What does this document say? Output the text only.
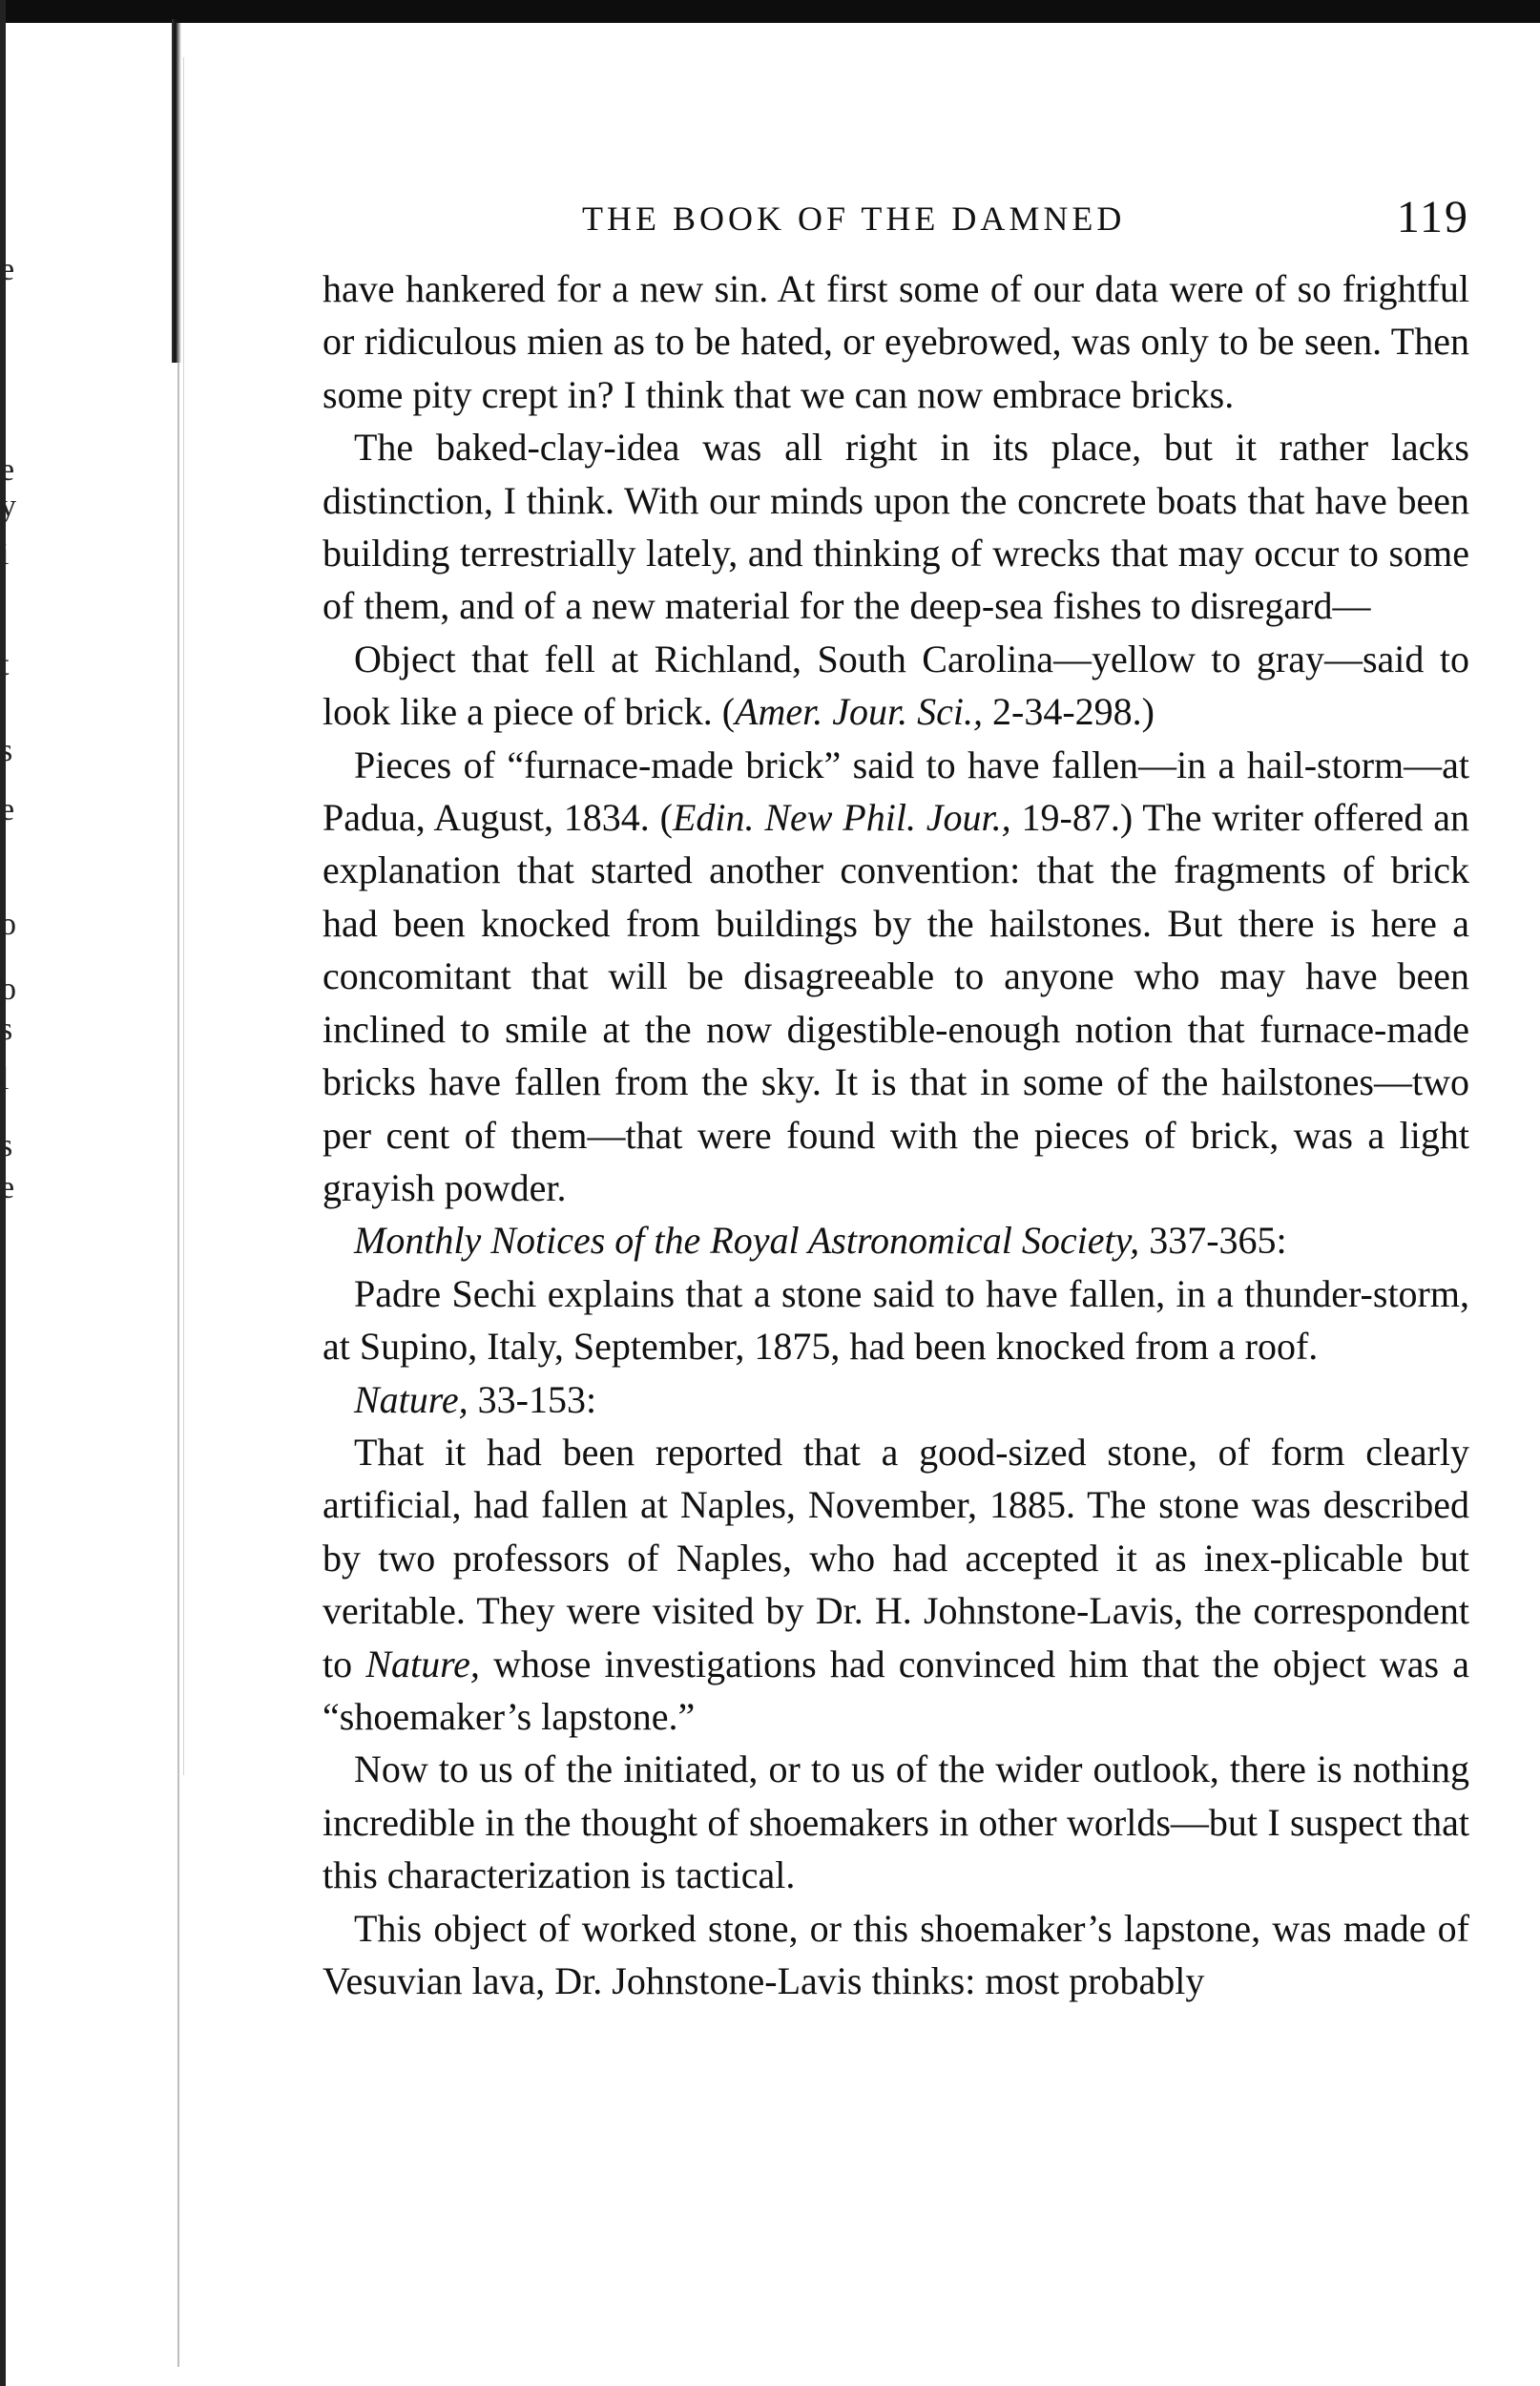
e
e
y
i
t
s
e
o
o
s
l
s
e
THE BOOK OF THE DAMNED	119

have hankered for a new sin. At first some of our data were of so frightful or ridiculous mien as to be hated, or eyebrowed, was only to be seen. Then some pity crept in? I think that we can now embrace bricks.

The baked-clay-idea was all right in its place, but it rather lacks distinction, I think. With our minds upon the concrete boats that have been building terrestrially lately, and thinking of wrecks that may occur to some of them, and of a new material for the deep-sea fishes to disregard—

Object that fell at Richland, South Carolina—yellow to gray—said to look like a piece of brick. (Amer. Jour. Sci., 2-34-298.)

Pieces of “furnace-made brick” said to have fallen—in a hail-storm—at Padua, August, 1834. (Edin. New Phil. Jour., 19-87.) The writer offered an explanation that started another convention: that the fragments of brick had been knocked from buildings by the hailstones. But there is here a concomitant that will be disagreeable to anyone who may have been inclined to smile at the now digestible-enough notion that furnace-made bricks have fallen from the sky. It is that in some of the hailstones—two per cent of them—that were found with the pieces of brick, was a light grayish powder.

Monthly Notices of the Royal Astronomical Society, 337-365:

Padre Sechi explains that a stone said to have fallen, in a thunder-storm, at Supino, Italy, September, 1875, had been knocked from a roof.

Nature, 33-153:

That it had been reported that a good-sized stone, of form clearly artificial, had fallen at Naples, November, 1885. The stone was described by two professors of Naples, who had accepted it as inex-plicable but veritable. They were visited by Dr. H. Johnstone-Lavis, the correspondent to Nature, whose investigations had convinced him that the object was a “shoemaker’s lapstone.”

Now to us of the initiated, or to us of the wider outlook, there is nothing incredible in the thought of shoemakers in other worlds—but I suspect that this characterization is tactical.

This object of worked stone, or this shoemaker’s lapstone, was made of Vesuvian lava, Dr. Johnstone-Lavis thinks: most probably
